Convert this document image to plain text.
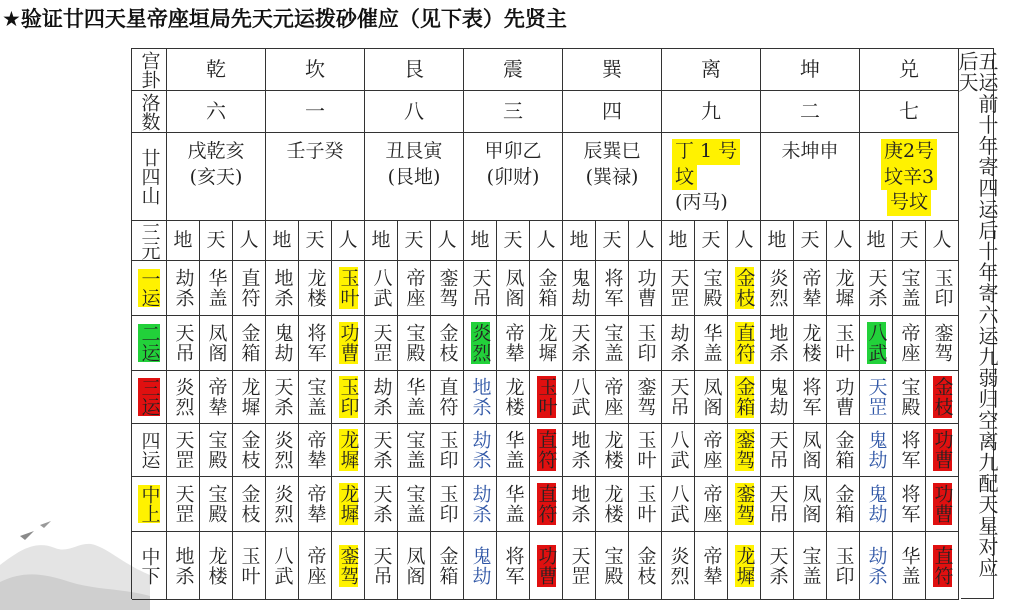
★验证廿四天星帝座垣局先天元运拨砂催应（见下表）先贤主
宫卦
洛数
廿四山
三元
乾
六
戌乾亥
(亥天)
地 天 人
坎
一
壬子癸
地 天 人
艮
八
丑艮寅
(艮地)
地 天 人
震
三
甲卯乙
(卯财)
地 天 人
巽
四
辰巽巳
(巽禄)
地 天 人
离
九
丁 1 号
坟
(丙马)
地 天 人
坤
二
未坤申
地 天 人
兑
七
庚2号
坟辛3
号坟
地 天 人
一运 劫杀 华盖 直符 地杀 龙楼 玉叶 八武 帝座 銮驾 天吊 凤阁 金箱 鬼劫 将军 功曹 天罡 宝殿 金枝 炎烈 帝辇 龙墀 天杀 宝盖 玉印
二运 天吊 凤阁 金箱 鬼劫 将军 功曹 天罡 宝殿 金枝 炎烈 帝辇 龙墀 天杀 宝盖 玉印 劫杀 华盖 直符 地杀 龙楼 玉叶 八武 帝座 銮驾
三运 炎烈 帝辇 龙墀 天杀 宝盖 玉印 劫杀 华盖 直符 地杀 龙楼 玉叶 八武 帝座 銮驾 天吊 凤阁 金箱 鬼劫 将军 功曹 天罡 宝殿 金枝
四运 天罡 宝殿 金枝 炎烈 帝辇 龙墀 天杀 宝盖 玉印 劫杀 华盖 直符 地杀 龙楼 玉叶 八武 帝座 銮驾 天吊 凤阁 金箱 鬼劫 将军 功曹
中上 天罡 宝殿 金枝 炎烈 帝辇 龙墀 天杀 宝盖 玉印 劫杀 华盖 直符 地杀 龙楼 玉叶 八武 帝座 銮驾 天吊 凤阁 金箱 鬼劫 将军 功曹
中下 地杀 龙楼 玉叶 八武 帝座 銮驾 天吊 凤阁 金箱 鬼劫 将军 功曹 天罡 宝殿 金枝 炎烈 帝辇 龙墀 天杀 宝盖 玉印 劫杀 华盖 直符	五运前十年寄四运后十年寄六运九弱归空离九配天星对应后天
